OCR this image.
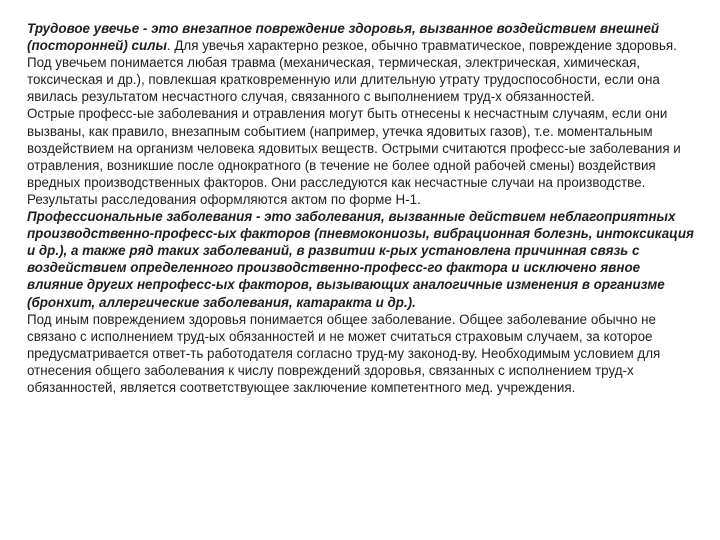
Трудовое увечье - это внезапное повреждение здоровья, вызванное воздействием внешней (посторонней) силы. Для увечья характерно резкое, обычно травматическое, повреждение здоровья. Под увечьем понимается любая травма (механическая, термическая, электрическая, химическая, токсическая и др.), повлекшая кратковременную или длительную утрату трудоспособности, если она явилась результатом несчастного случая, связанного с выполнением труд-х обязанностей.

Острые професс-ые заболевания и отравления могут быть отнесены к несчастным случаям, если они вызваны, как правило, внезапным событием (например, утечка ядовитых газов), т.е. моментальным воздействием на организм человека ядовитых веществ. Острыми считаются професс-ые заболевания и отравления, возникшие после однократного (в течение не более одной рабочей смены) воздействия вредных производственных факторов. Они расследуются как несчастные случаи на производстве. Результаты расследования оформляются актом по форме Н-1.

Профессиональные заболевания - это заболевания, вызванные действием неблагоприятных производственно-професс-ых факторов (пневмокониозы, вибрационная болезнь, интоксикация и др.), а также ряд таких заболеваний, в развитии к-рых установлена причинная связь с воздействием определенного производственно-професс-го фактора и исключено явное влияние других непрофесс-ых факторов, вызывающих аналогичные изменения в организме (бронхит, аллергические заболевания, катаракта и др.).

Под иным повреждением здоровья понимается общее заболевание. Общее заболевание обычно не связано с исполнением труд-ых обязанностей и не может считаться страховым случаем, за которое предусматривается ответ-ть работодателя согласно труд-му законод-ву. Необходимым условием для отнесения общего заболевания к числу повреждений здоровья, связанных с исполнением труд-х обязанностей, является соответствующее заключение компетентного мед. учреждения.
